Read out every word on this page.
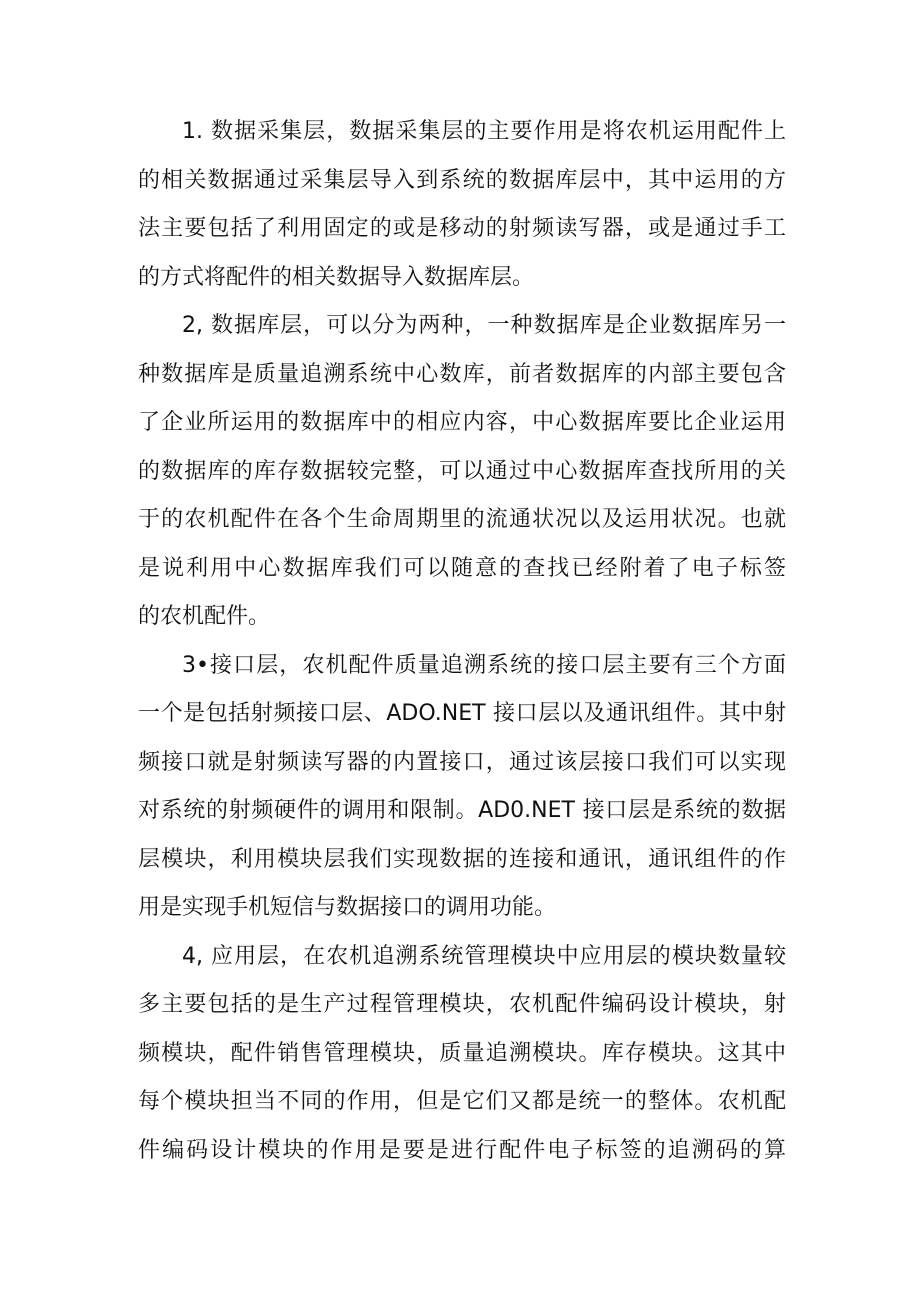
1. 数据采集层，数据采集层的主要作用是将农机运用配件上
的相关数据通过采集层导入到系统的数据库层中，其中运用的方
法主要包括了利用固定的或是移动的射频读写器，或是通过手工
的方式将配件的相关数据导入数据库层。
2, 数据库层，可以分为两种，一种数据库是企业数据库另一
种数据库是质量追溯系统中心数库，前者数据库的内部主要包含
了企业所运用的数据库中的相应内容，中心数据库要比企业运用
的数据库的库存数据较完整，可以通过中心数据库查找所用的关
于的农机配件在各个生命周期里的流通状况以及运用状况。也就
是说利用中心数据库我们可以随意的查找已经附着了电子标签
的农机配件。
3•接口层，农机配件质量追溯系统的接口层主要有三个方面
一个是包括射频接口层、ADO.NET 接口层以及通讯组件。其中射
频接口就是射频读写器的内置接口，通过该层接口我们可以实现
对系统的射频硬件的调用和限制。AD0.NET 接口层是系统的数据
层模块，利用模块层我们实现数据的连接和通讯，通讯组件的作
用是实现手机短信与数据接口的调用功能。
4, 应用层，在农机追溯系统管理模块中应用层的模块数量较
多主要包括的是生产过程管理模块，农机配件编码设计模块，射
频模块，配件销售管理模块，质量追溯模块。库存模块。这其中
每个模块担当不同的作用，但是它们又都是统一的整体。农机配
件编码设计模块的作用是要是进行配件电子标签的追溯码的算
